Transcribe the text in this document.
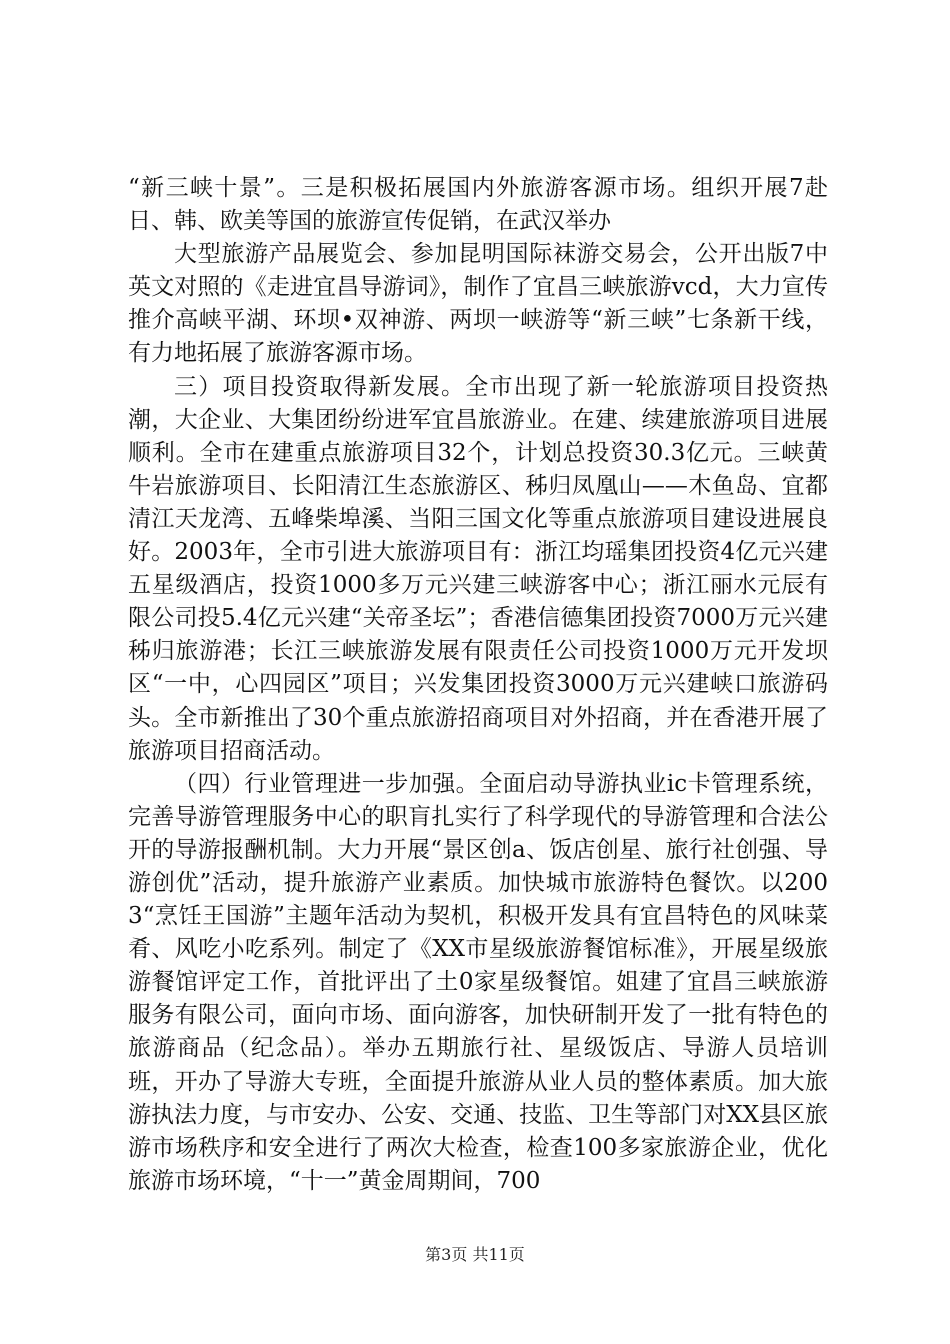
“新三峡十景”。三是积极拓展国内外旅游客源市场。组织开展7赴日、韩、欧美等国的旅游宣传促销，在武汉举办

大型旅游产品展览会、参加昆明国际袜游交易会，公开出版7中英文对照的《走进宜昌导游词》，制作了宜昌三峡旅游vcd，大力宣传推介高峡平湖、环坝•双神游、两坝一峡游等“新三峡”七条新干线，有力地拓展了旅游客源市场。

三）项目投资取得新发展。全市出现了新一轮旅游项目投资热潮，大企业、大集团纷纷进军宜昌旅游业。在建、续建旅游项目进展顺利。全市在建重点旅游项目32个，计划总投资30.3亿元。三峡黄牛岩旅游项目、长阳清江生态旅游区、秭归凤凰山——木鱼岛、宜都清江天龙湾、五峰柴埠溪、当阳三国文化等重点旅游项目建设进展良好。2003年，全市引进大旅游项目有：浙江均瑶集团投资4亿元兴建五星级酒店，投资1000多万元兴建三峡游客中心；浙江丽水元辰有限公司投5.4亿元兴建“关帝圣坛”；香港信德集团投资7000万元兴建秭归旅游港；长江三峡旅游发展有限责任公司投资1000万元开发坝区“一中，心四园区”项目；兴发集团投资3000万元兴建峡口旅游码头。全市新推出了30个重点旅游招商项目对外招商，并在香港开展了旅游项目招商活动。

（四）行业管理进一步加强。全面启动导游执业ic卡管理系统，完善导游管理服务中心的职肓扎实行了科学现代的导游管理和合法公开的导游报酬机制。大力开展“景区创a、饭店创星、旅行社创强、导游创优”活动，提升旅游产业素质。加快城市旅游特色餐饮。以2003“烹饪王国游”主题年活动为契机，积极开发具有宜昌特色的风味菜肴、风吃小吃系列。制定了《XX市星级旅游餐馆标准》，开展星级旅游餐馆评定工作，首批评出了土0家星级餐馆。姐建了宜昌三峡旅游服务有限公司，面向市场、面向游客，加快研制开发了一批有特色的旅游商品（纪念品）。举办五期旅行社、星级饭店、导游人员培训班，开办了导游大专班，全面提升旅游从业人员的整体素质。加大旅游执法力度，与市安办、公安、交通、技监、卫生等部门对XX县区旅游市场秩序和安全进行了两次大检查，检查100多家旅游企业，优化旅游市场环境，“十一”黄金周期间，700

第3页 共11页
